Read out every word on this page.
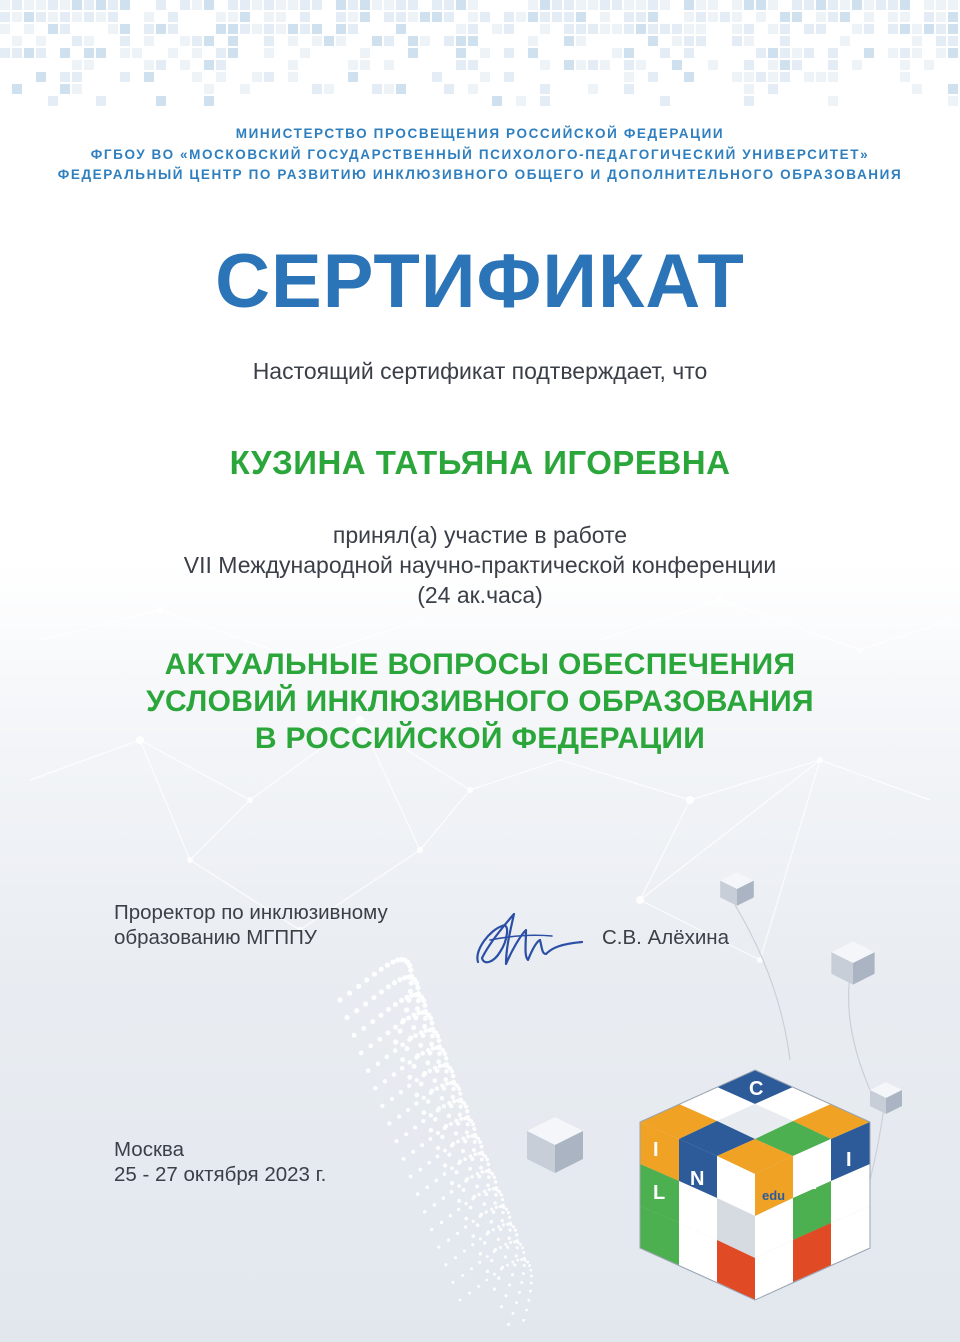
МИНИСТЕРСТВО ПРОСВЕЩЕНИЯ РОССИЙСКОЙ ФЕДЕРАЦИИ
ФГБОУ ВО «МОСКОВСКИЙ ГОСУДАРСТВЕННЫЙ ПСИХОЛОГО-ПЕДАГОГИЧЕСКИЙ УНИВЕРСИТЕТ»
ФЕДЕРАЛЬНЫЙ ЦЕНТР ПО РАЗВИТИЮ ИНКЛЮЗИВНОГО ОБЩЕГО И ДОПОЛНИТЕЛЬНОГО ОБРАЗОВАНИЯ
СЕРТИФИКАТ
Настоящий сертификат подтверждает, что
КУЗИНА ТАТЬЯНА ИГОРЕВНА
принял(а) участие в работе
VII Международной научно-практической конференции
(24 ак.часа)
АКТУАЛЬНЫЕ ВОПРОСЫ ОБЕСПЕЧЕНИЯ
УСЛОВИЙ ИНКЛЮЗИВНОГО ОБРАЗОВАНИЯ
В РОССИЙСКОЙ ФЕДЕРАЦИИ
Проректор по инклюзивному
образованию МГППУ	С.В. Алёхина
Москва
25 - 27 октября 2023 г.
C
I
N	N
I
L	edu
